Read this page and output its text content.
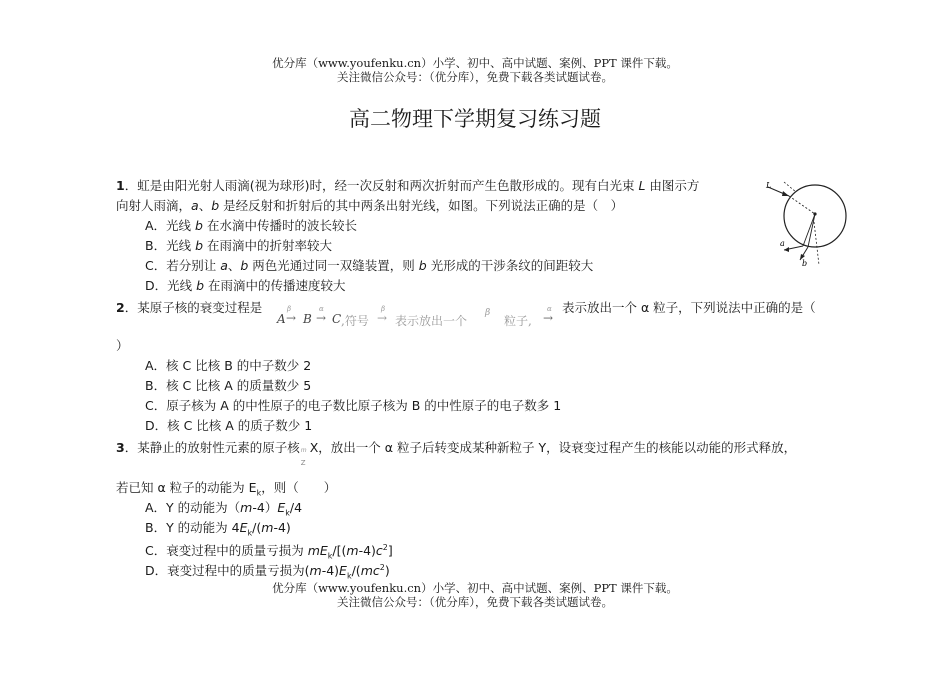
优分库（www.youfenku.cn）小学、初中、高中试题、案例、PPT 课件下载。
关注微信公众号：（优分库），免费下载各类试题试卷。
高二物理下学期复习练习题
1．虹是由阳光射人雨滴(视为球形)时，经一次反射和两次折射而产生色散形成的。现有白光束 L 由图示方
向射人雨滴，a、b 是经反射和折射后的其中两条出射光线，如图。下列说法正确的是（　）
A．光线 b 在水滴中传播时的波长较长
B．光线 b 在雨滴中的折射率较大
C．若分别让 a、b 两色光通过同一双缝装置，则 b 光形成的干涉条纹的间距较大
D．光线 b 在雨滴中的传播速度较大
L
a
b
2．某原子核的衰变过程是
A
β
→ B
α
→ C ,符号
β
→ 表示放出一个
β
粒子,
α
→
表示放出一个 α 粒子，下列说法中正确的是（
）
A．核 C 比核 B 的中子数少 2
B．核 C 比核 A 的质量数少 5
C．原子核为 A 的中性原子的电子数比原子核为 B 的中性原子的电子数多 1
D．核 C 比核 A 的质子数少 1
3．某静止的放射性元素的原子核 m
Z
X，放出一个 α 粒子后转变成某种新粒子 Y，设衰变过程产生的核能以动能的形式释放，
若已知 α 粒子的动能为 $E_k$，则（　　）
A．Y 的动能为$(m-4)E_k/4$
B．Y 的动能为 $4E_k/(m-4)$
C．衰变过程中的质量亏损为 $mE_k/[(m-4)c^2]$
D．衰变过程中的质量亏损为$(m-4)E_k/(mc^2)$
优分库（www.youfenku.cn）小学、初中、高中试题、案例、PPT 课件下载。
关注微信公众号：（优分库），免费下载各类试题试卷。
